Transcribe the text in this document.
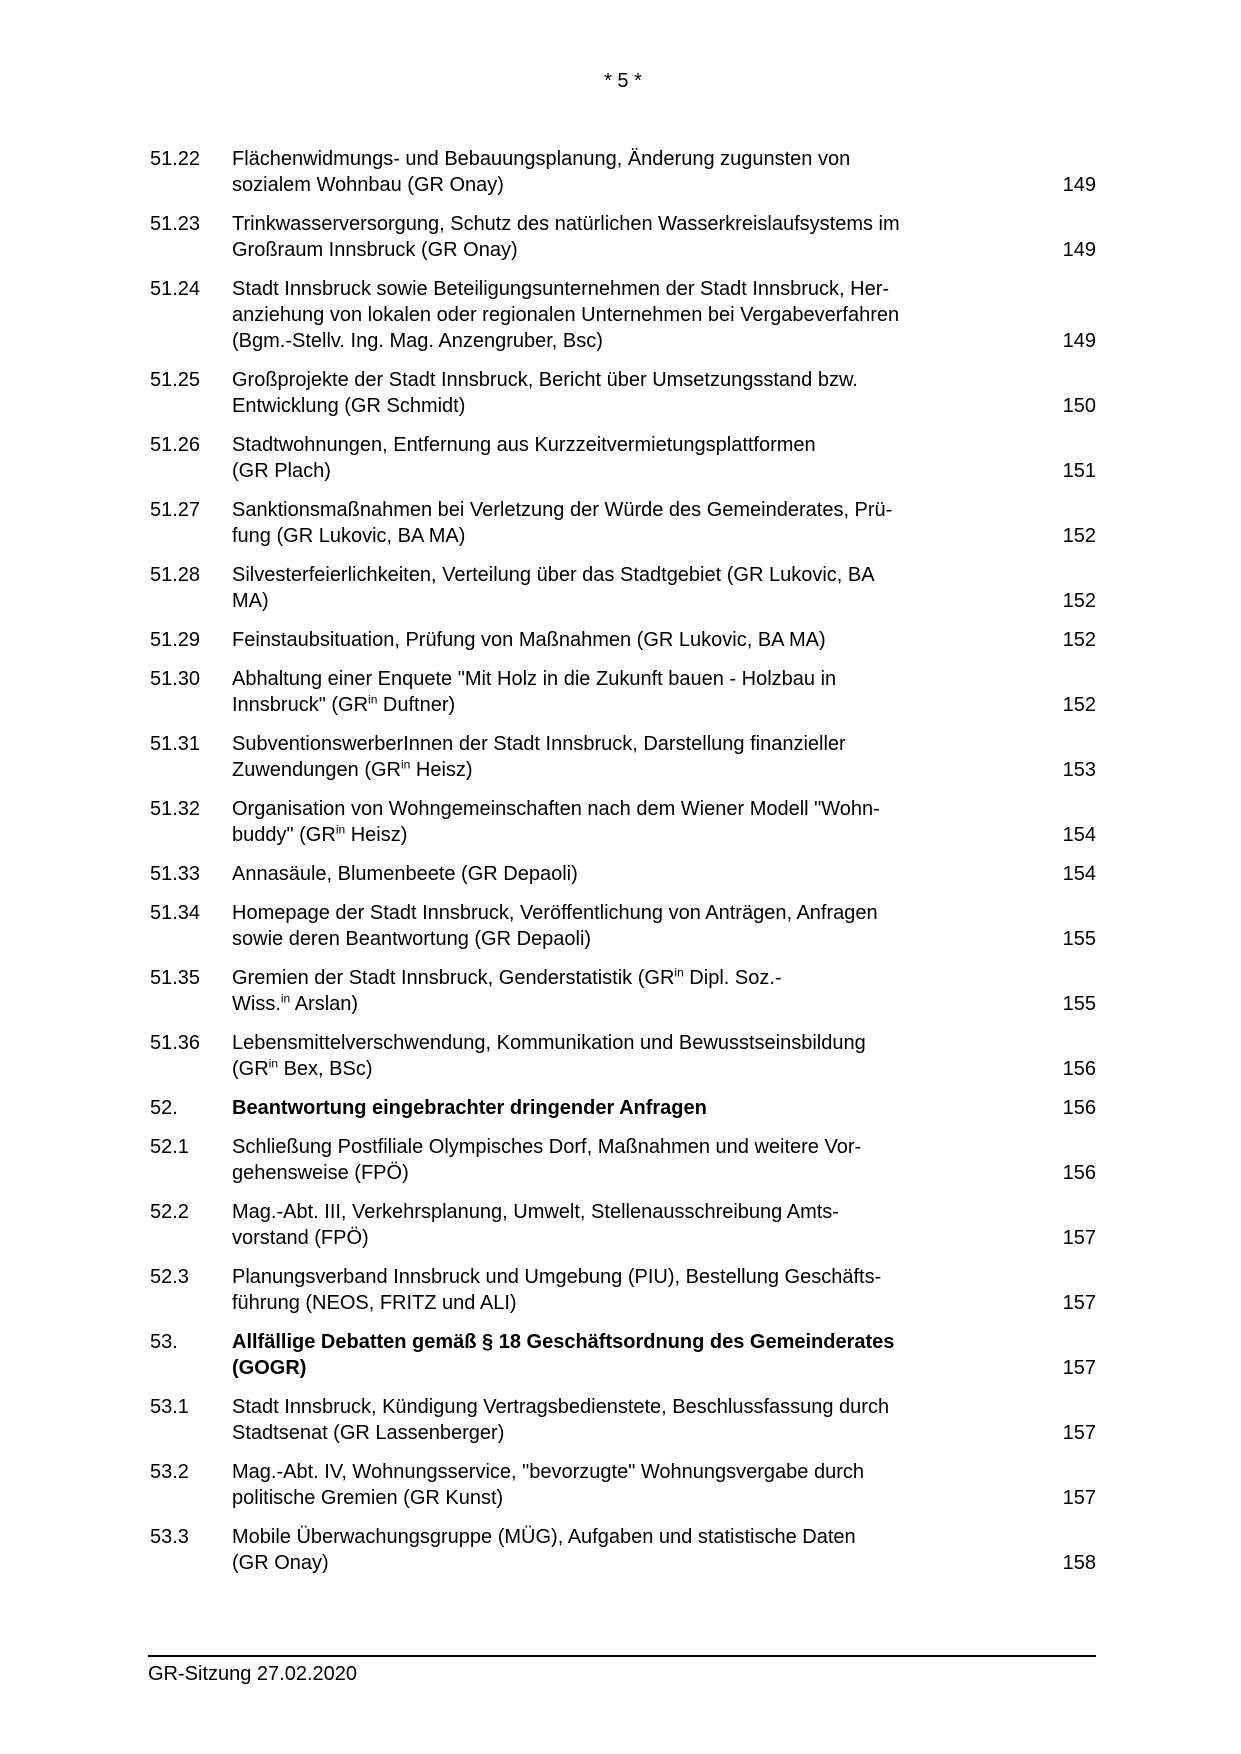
* 5 *
51.22	Flächenwidmungs- und Bebauungsplanung, Änderung zugunsten von
sozialem Wohnbau (GR Onay)	149
51.23	Trinkwasserversorgung, Schutz des natürlichen Wasserkreislaufsystems im
Großraum Innsbruck (GR Onay)	149
51.24	Stadt Innsbruck sowie Beteiligungsunternehmen der Stadt Innsbruck, Her-
anziehung von lokalen oder regionalen Unternehmen bei Vergabeverfahren
(Bgm.-Stellv. Ing. Mag. Anzengruber, Bsc)	149
51.25	Großprojekte der Stadt Innsbruck, Bericht über Umsetzungsstand bzw.
Entwicklung (GR Schmidt)	150
51.26	Stadtwohnungen, Entfernung aus Kurzzeitvermietungsplattformen
(GR Plach)	151
51.27	Sanktionsmaßnahmen bei Verletzung der Würde des Gemeinderates, Prü-
fung (GR Lukovic, BA MA)	152
51.28	Silvesterfeierlichkeiten, Verteilung über das Stadtgebiet (GR Lukovic, BA
MA)	152
51.29	Feinstaubsituation, Prüfung von Maßnahmen (GR Lukovic, BA MA)	152
51.30	Abhaltung einer Enquete "Mit Holz in die Zukunft bauen - Holzbau in
Innsbruck" ($GR^{in}$ Duftner)	152
51.31	SubventionswerberInnen der Stadt Innsbruck, Darstellung finanzieller
Zuwendungen ($GR^{in}$ Heisz)	153
51.32	Organisation von Wohngemeinschaften nach dem Wiener Modell "Wohn-
buddy" ($GR^{in}$ Heisz)	154
51.33	Annasäule, Blumenbeete (GR Depaoli)	154
51.34	Homepage der Stadt Innsbruck, Veröffentlichung von Anträgen, Anfragen
sowie deren Beantwortung (GR Depaoli)	155
51.35	Gremien der Stadt Innsbruck, Genderstatistik ($GR^{in}$ Dipl. Soz.-
Wiss.$^{in}$ Arslan)	155
51.36	Lebensmittelverschwendung, Kommunikation und Bewusstseinsbildung
($GR^{in}$ Bex, BSc)	156
52.	Beantwortung eingebrachter dringender Anfragen	156
52.1	Schließung Postfiliale Olympisches Dorf, Maßnahmen und weitere Vor-
gehensweise (FPÖ)	156
52.2	Mag.-Abt. III, Verkehrsplanung, Umwelt, Stellenausschreibung Amts-
vorstand (FPÖ)	157
52.3	Planungsverband Innsbruck und Umgebung (PIU), Bestellung Geschäfts-
führung (NEOS, FRITZ und ALI)	157
53.	Allfällige Debatten gemäß § 18 Geschäftsordnung des Gemeinderates
(GOGR)	157
53.1	Stadt Innsbruck, Kündigung Vertragsbedienstete, Beschlussfassung durch
Stadtsenat (GR Lassenberger)	157
53.2	Mag.-Abt. IV, Wohnungsservice, "bevorzugte" Wohnungsvergabe durch
politische Gremien (GR Kunst)	157
53.3	Mobile Überwachungsgruppe (MÜG), Aufgaben und statistische Daten
(GR Onay)	158
GR-Sitzung 27.02.2020
